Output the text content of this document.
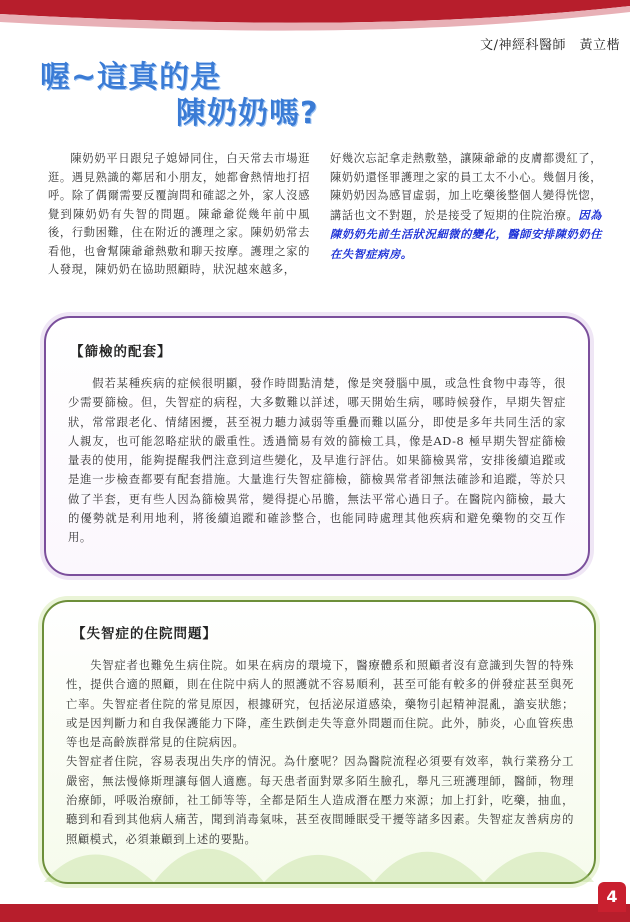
文/神經科醫師　黃立楷
喔~這真的是
陳奶奶嗎?
陳奶奶平日跟兒子媳婦同住，白天常去市場逛逛。遇見熟識的鄰居和小朋友，她都會熱情地打招呼。除了偶爾需要反覆詢問和確認之外，家人沒感覺到陳奶奶有失智的問題。陳爺爺從幾年前中風後，行動困難，住在附近的護理之家。陳奶奶常去看他，也會幫陳爺爺熱敷和聊天按摩。護理之家的人發現，陳奶奶在協助照顧時，狀況越來越多，
好幾次忘記拿走熱敷墊，讓陳爺爺的皮膚都燙紅了，陳奶奶還怪罪護理之家的員工太不小心。幾個月後，陳奶奶因為感冒虛弱，加上吃藥後整個人變得恍惚，講話也文不對題，於是接受了短期的住院治療。因為陳奶奶先前生活狀況細微的變化，醫師安排陳奶奶住在失智症病房。
【篩檢的配套】
　　假若某種疾病的症候很明顯，發作時間點清楚，像是突發腦中風，或急性食物中毒等，很少需要篩檢。但，失智症的病程，大多數難以詳述，哪天開始生病，哪時候發作，早期失智症狀，常常跟老化、情緒困擾，甚至視力聽力減弱等重疊而難以區分，即使是多年共同生活的家人親友，也可能忽略症狀的嚴重性。透過簡易有效的篩檢工具，像是AD-8 極早期失智症篩檢量表的使用，能夠提醒我們注意到這些變化，及早進行評估。如果篩檢異常，安排後續追蹤或是進一步檢查都要有配套措施。大量進行失智症篩檢，篩檢異常者卻無法確診和追蹤，等於只做了半套，更有些人因為篩檢異常，變得提心吊膽，無法平常心過日子。在醫院內篩檢，最大的優勢就是利用地利，將後續追蹤和確診整合，也能同時處理其他疾病和避免藥物的交互作用。
【失智症的住院問題】
　　失智症者也難免生病住院。如果在病房的環境下，醫療體系和照顧者沒有意識到失智的特殊性，提供合適的照顧，則在住院中病人的照護就不容易順利，甚至可能有較多的併發症甚至與死亡率。失智症者住院的常見原因，根據研究，包括泌尿道感染，藥物引起精神混亂，譫妄狀態；或是因判斷力和自我保護能力下降，產生跌倒走失等意外問題而住院。此外，肺炎，心血管疾患等也是高齡族群常見的住院病因。
失智症者住院，容易表現出失序的情況。為什麼呢？因為醫院流程必須要有效率，執行業務分工嚴密，無法慢條斯理讓每個人適應。每天患者面對眾多陌生臉孔，舉凡三班護理師，醫師，物理治療師，呼吸治療師，社工師等等，全都是陌生人造成潛在壓力來源；加上打針，吃藥，抽血，聽到和看到其他病人痛苦，聞到消毒氣味，甚至夜間睡眠受干擾等諸多因素。失智症友善病房的照顧模式，必須兼顧到上述的要點。
4
